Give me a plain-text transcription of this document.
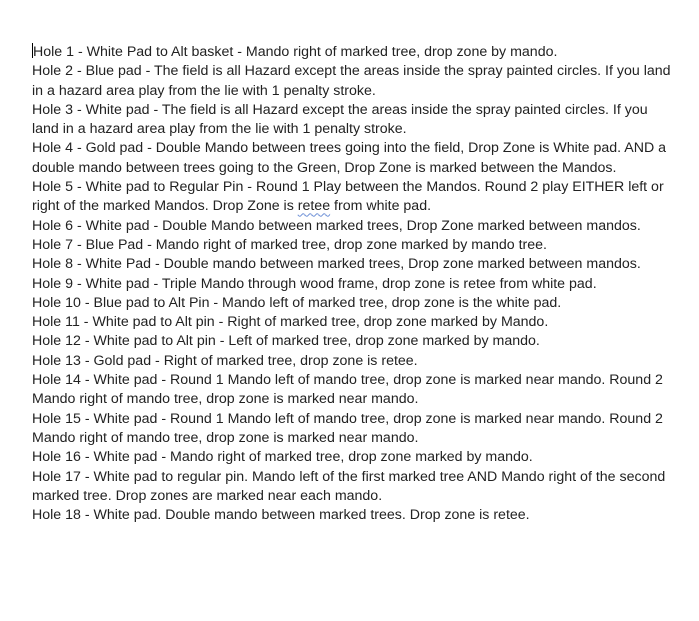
Hole 1 - White Pad to Alt basket - Mando right of marked tree, drop zone by mando.

Hole 2 - Blue pad - The field is all Hazard except the areas inside the spray painted circles. If you land in a hazard area play from the lie with 1 penalty stroke.

Hole 3 - White pad - The field is all Hazard except the areas inside the spray painted circles. If you land in a hazard area play from the lie with 1 penalty stroke.

Hole 4 - Gold pad - Double Mando between trees going into the field, Drop Zone is White pad. AND a double mando between trees going to the Green, Drop Zone is marked between the Mandos.

Hole 5 - White pad to Regular Pin - Round 1 Play between the Mandos. Round 2 play EITHER left or right of the marked Mandos. Drop Zone is retee from white pad.

Hole 6 - White pad - Double Mando between marked trees, Drop Zone marked between mandos.

Hole 7 - Blue Pad - Mando right of marked tree, drop zone marked by mando tree.

Hole 8 - White Pad - Double mando between marked trees, Drop zone marked between mandos.

Hole 9 - White pad - Triple Mando through wood frame, drop zone is retee from white pad.

Hole 10 - Blue pad to Alt Pin - Mando left of marked tree, drop zone is the white pad.

Hole 11 - White pad to Alt pin - Right of marked tree, drop zone marked by Mando.

Hole 12 - White pad to Alt pin - Left of marked tree, drop zone marked by mando.

Hole 13 - Gold pad - Right of marked tree, drop zone is retee.

Hole 14 - White pad - Round 1 Mando left of mando tree, drop zone is marked near mando. Round 2 Mando right of mando tree, drop zone is marked near mando.

Hole 15 - White pad - Round 1 Mando left of mando tree, drop zone is marked near mando. Round 2 Mando right of mando tree, drop zone is marked near mando.

Hole 16 - White pad - Mando right of marked tree, drop zone marked by mando.

Hole 17 - White pad to regular pin. Mando left of the first marked tree AND Mando right of the second marked tree. Drop zones are marked near each mando.

Hole 18 - White pad. Double mando between marked trees. Drop zone is retee.
